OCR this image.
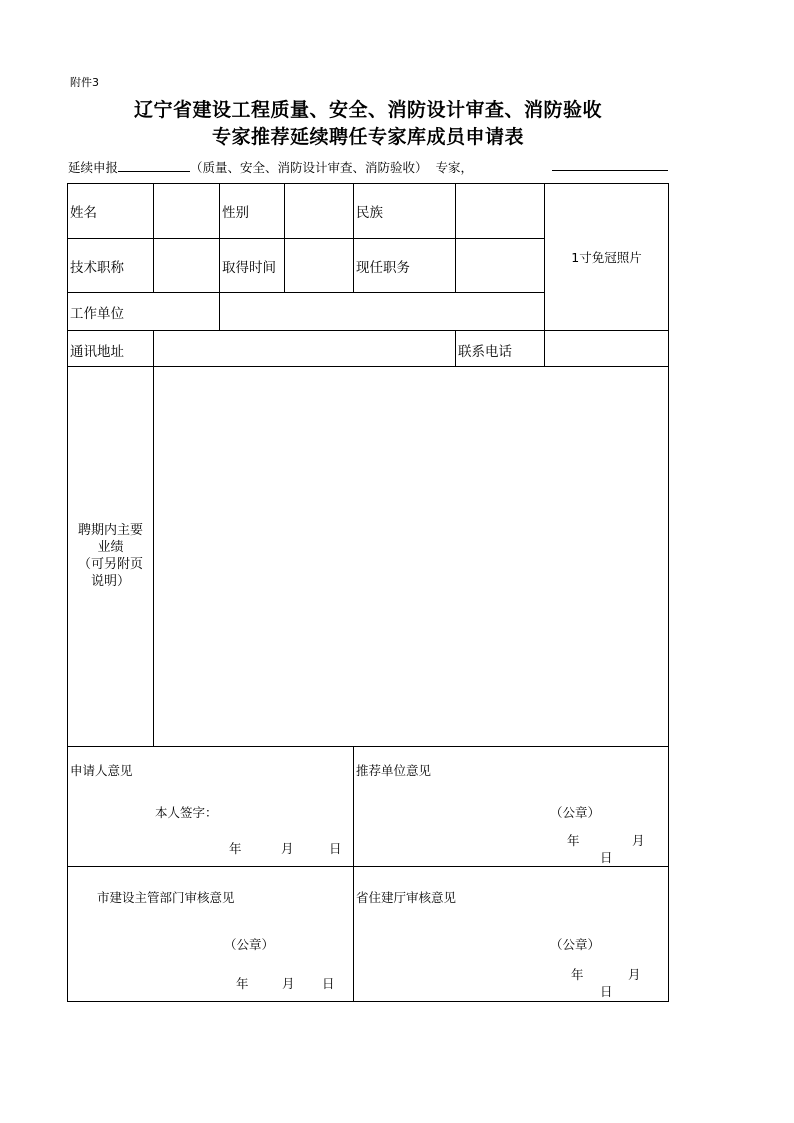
附件3
辽宁省建设工程质量、安全、消防设计审查、消防验收
专家推荐延续聘任专家库成员申请表
延续申报	（质量、安全、消防设计审查、消防验收） 专家，
姓名	性别	民族
1寸免冠照片
技术职称	取得时间	现任职务
工作单位
通讯地址	联系电话
聘期内主要
业绩
（可另附页
说明）
申请人意见
本人签字：
年	月	日
推荐单位意见
（公章）
年	月
日
市建设主管部门审核意见
（公章）
年	月 日
省住建厅审核意见
（公章）
年	月
日
